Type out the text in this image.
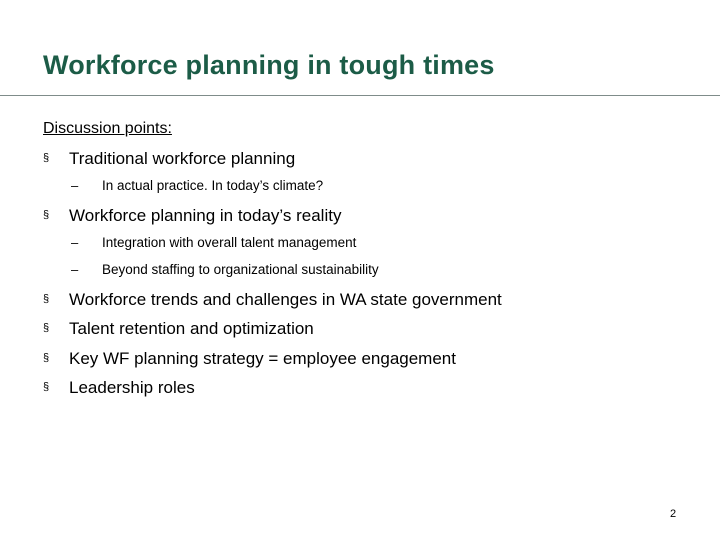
Workforce planning in tough times
Discussion points:
§ Traditional workforce planning
– In actual practice. In today’s climate?
§ Workforce planning in today’s reality
– Integration with overall talent management
– Beyond staffing to organizational sustainability
§ Workforce trends and challenges in WA state government
§ Talent retention and optimization
§ Key WF planning strategy = employee engagement
§ Leadership roles
2
